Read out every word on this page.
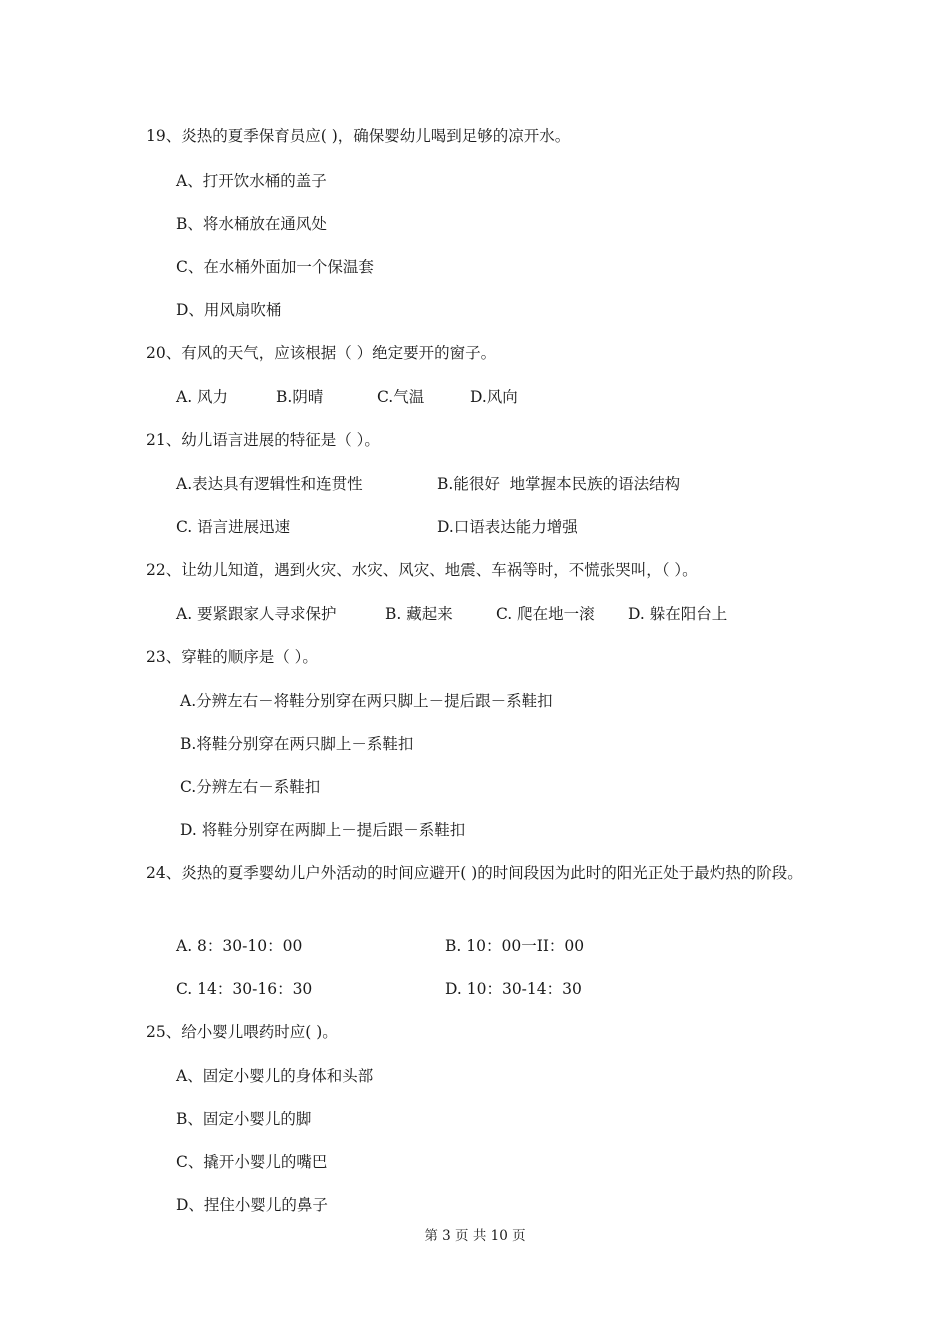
19、炎热的夏季保育员应( )，确保婴幼儿喝到足够的凉开水。
A、打开饮水桶的盖子
B、将水桶放在通风处
C、在水桶外面加一个保温套
D、用风扇吹桶
20、有风的天气，应该根据（ ）绝定要开的窗子。
A. 风力	B.阴晴	C.气温	D.风向
21、幼儿语言进展的特征是（ ）。
A.表达具有逻辑性和连贯性	B.能很好  地掌握本民族的语法结构
C. 语言进展迅速	D.口语表达能力增强
22、让幼儿知道，遇到火灾、水灾、风灾、地震、车祸等时，不慌张哭叫，（ ）。
A. 要紧跟家人寻求保护	B. 藏起来	C. 爬在地一滚 D. 躲在阳台上
23、穿鞋的顺序是（ ）。
A.分辨左右－将鞋分别穿在两只脚上－提后跟－系鞋扣
B.将鞋分别穿在两只脚上－系鞋扣
C.分辨左右－系鞋扣
D. 将鞋分别穿在两脚上－提后跟－系鞋扣
24、炎热的夏季婴幼儿户外活动的时间应避开( )的时间段因为此时的阳光正处于最灼热的阶段。
A. 8：30-10：00	B. 10：00一II：00
C. 14：30-16：30	D. 10：30-14：30
25、给小婴儿喂药时应( )。
A、固定小婴儿的身体和头部
B、固定小婴儿的脚
C、撬开小婴儿的嘴巴
D、捏住小婴儿的鼻子
第 3 页 共 10 页
